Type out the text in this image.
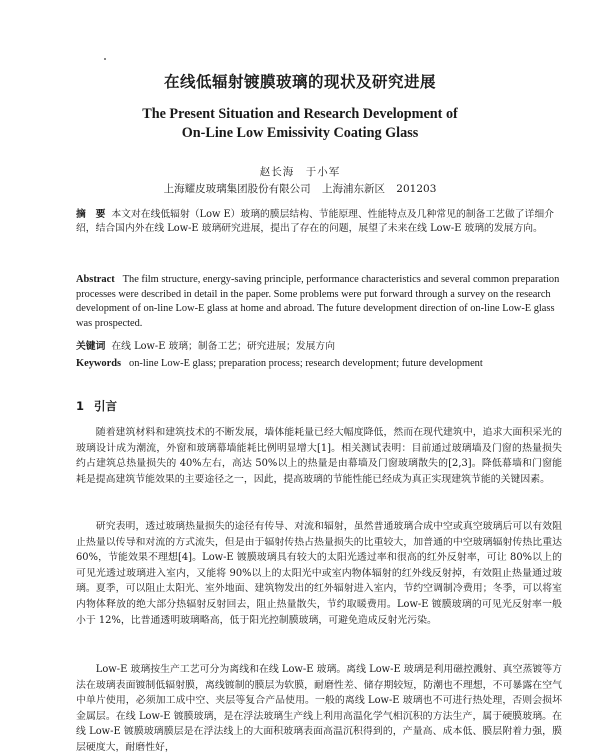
在线低辐射镀膜玻璃的现状及研究进展
The Present Situation and Research Development of
On-Line Low Emissivity Coating Glass
赵长海　于小军
上海耀皮玻璃集团股份有限公司 上海浦东新区 201203
摘　要 本文对在线低辐射（Low E）玻璃的膜层结构、节能原理、性能特点及几种常见的制备工艺做了详细介绍，结合国内外在线 Low-E 玻璃研究进展，提出了存在的问题，展望了未来在线 Low-E 玻璃的发展方向。
Abstract The film structure, energy-saving principle, performance characteristics and several common preparation processes were described in detail in the paper. Some problems were put forward through a survey on the research development of on-line Low-E glass at home and abroad. The future development direction of on-line Low-E glass was prospected.
关键词 在线 Low-E 玻璃；制备工艺；研究进展；发展方向
Keywords on-line Low-E glass; preparation process; research development; future development
1 引言

随着建筑材料和建筑技术的不断发展，墙体能耗量已经大幅度降低，然而在现代建筑中，追求大面积采光的玻璃设计成为潮流，外窗和玻璃幕墙能耗比例明显增大[1]。相关测试表明：目前通过玻璃墙及门窗的热量损失约占建筑总热量损失的 40%左右，高达 50%以上的热量是由幕墙及门窗玻璃散失的[2,3]。降低幕墙和门窗能耗是提高建筑节能效果的主要途径之一，因此，提高玻璃的节能性能已经成为真正实现建筑节能的关键因素。

研究表明，透过玻璃热量损失的途径有传导、对流和辐射，虽然普通玻璃合成中空或真空玻璃后可以有效阻止热量以传导和对流的方式流失，但是由于辐射传热占热量损失的比重较大，加普通的中空玻璃辐射传热比重达 60%，节能效果不理想[4]。Low-E 镀膜玻璃具有较大的太阳光透过率和很高的红外反射率，可让 80%以上的可见光透过玻璃进入室内，又能将 90%以上的太阳光中或室内物体辐射的红外线反射掉，有效阻止热量通过玻璃。夏季，可以阻止太阳光、室外地面、建筑物发出的红外辐射进入室内，节约空调制冷费用；冬季，可以将室内物体释放的绝大部分热辐射反射回去，阻止热量散失，节约取暖费用。Low-E 镀膜玻璃的可见光反射率一般小于 12%，比普通透明玻璃略高，低于阳光控制膜玻璃，可避免造成反射光污染。

Low-E 玻璃按生产工艺可分为离线和在线 Low-E 玻璃。离线 Low-E 玻璃是利用磁控溅射、真空蒸镀等方法在玻璃表面镀制低辐射膜，离线镀制的膜层为软膜，耐磨性差、储存期较短，防潮也不理想，不可暴露在空气中单片使用，必须加工成中空、夹层等复合产品使用。一般的离线 Low-E 玻璃也不可进行热处理，否则会损坏金属层。在线 Low-E 镀膜玻璃，是在浮法玻璃生产线上利用高温化学气相沉积的方法生产，属于硬膜玻璃。在线 Low-E 镀膜玻璃膜层是在浮法线上的大面积玻璃表面高温沉积得到的，产量高、成本低、膜层附着力强，膜层硬度大，耐磨性好，
